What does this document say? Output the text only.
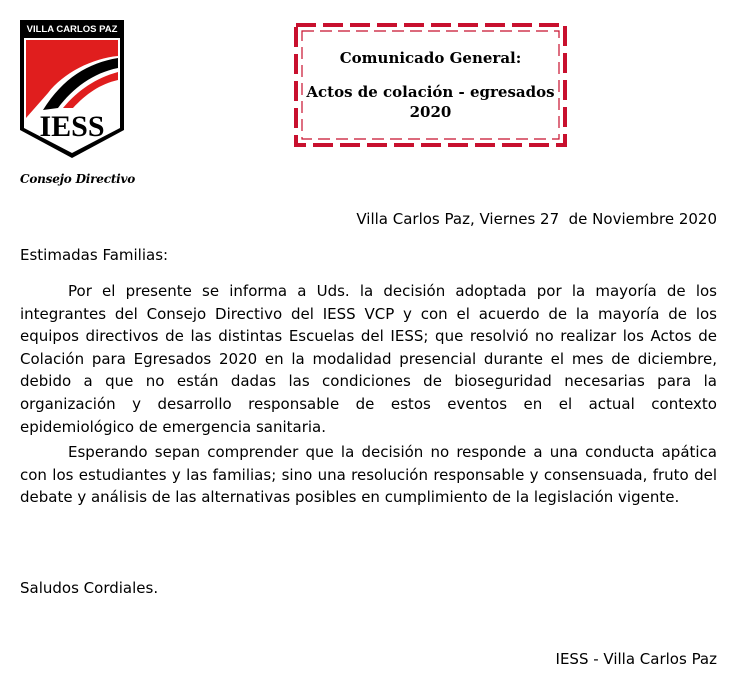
VILLA CARLOS PAZ
IESS
Consejo Directivo
Comunicado General:
Actos de colación - egresados 2020
Villa Carlos Paz, Viernes 27  de Noviembre 2020
Estimadas Familias:

Por el presente se informa a Uds. la decisión adoptada por la mayoría de los integrantes del Consejo Directivo del IESS VCP y con el acuerdo de la mayoría de los equipos directivos de las distintas Escuelas del IESS; que resolvió no realizar los Actos de Colación para Egresados 2020 en la modalidad presencial durante el mes de diciembre, debido a que no están dadas las condiciones de bioseguridad necesarias para la organización y desarrollo responsable de estos eventos en el actual contexto epidemiológico de emergencia sanitaria.

Esperando sepan comprender que la decisión no responde a una conducta apática con los estudiantes y las familias; sino una resolución responsable y consensuada, fruto del debate y análisis de las alternativas posibles en cumplimiento de la legislación vigente.

Saludos Cordiales.
IESS - Villa Carlos Paz
